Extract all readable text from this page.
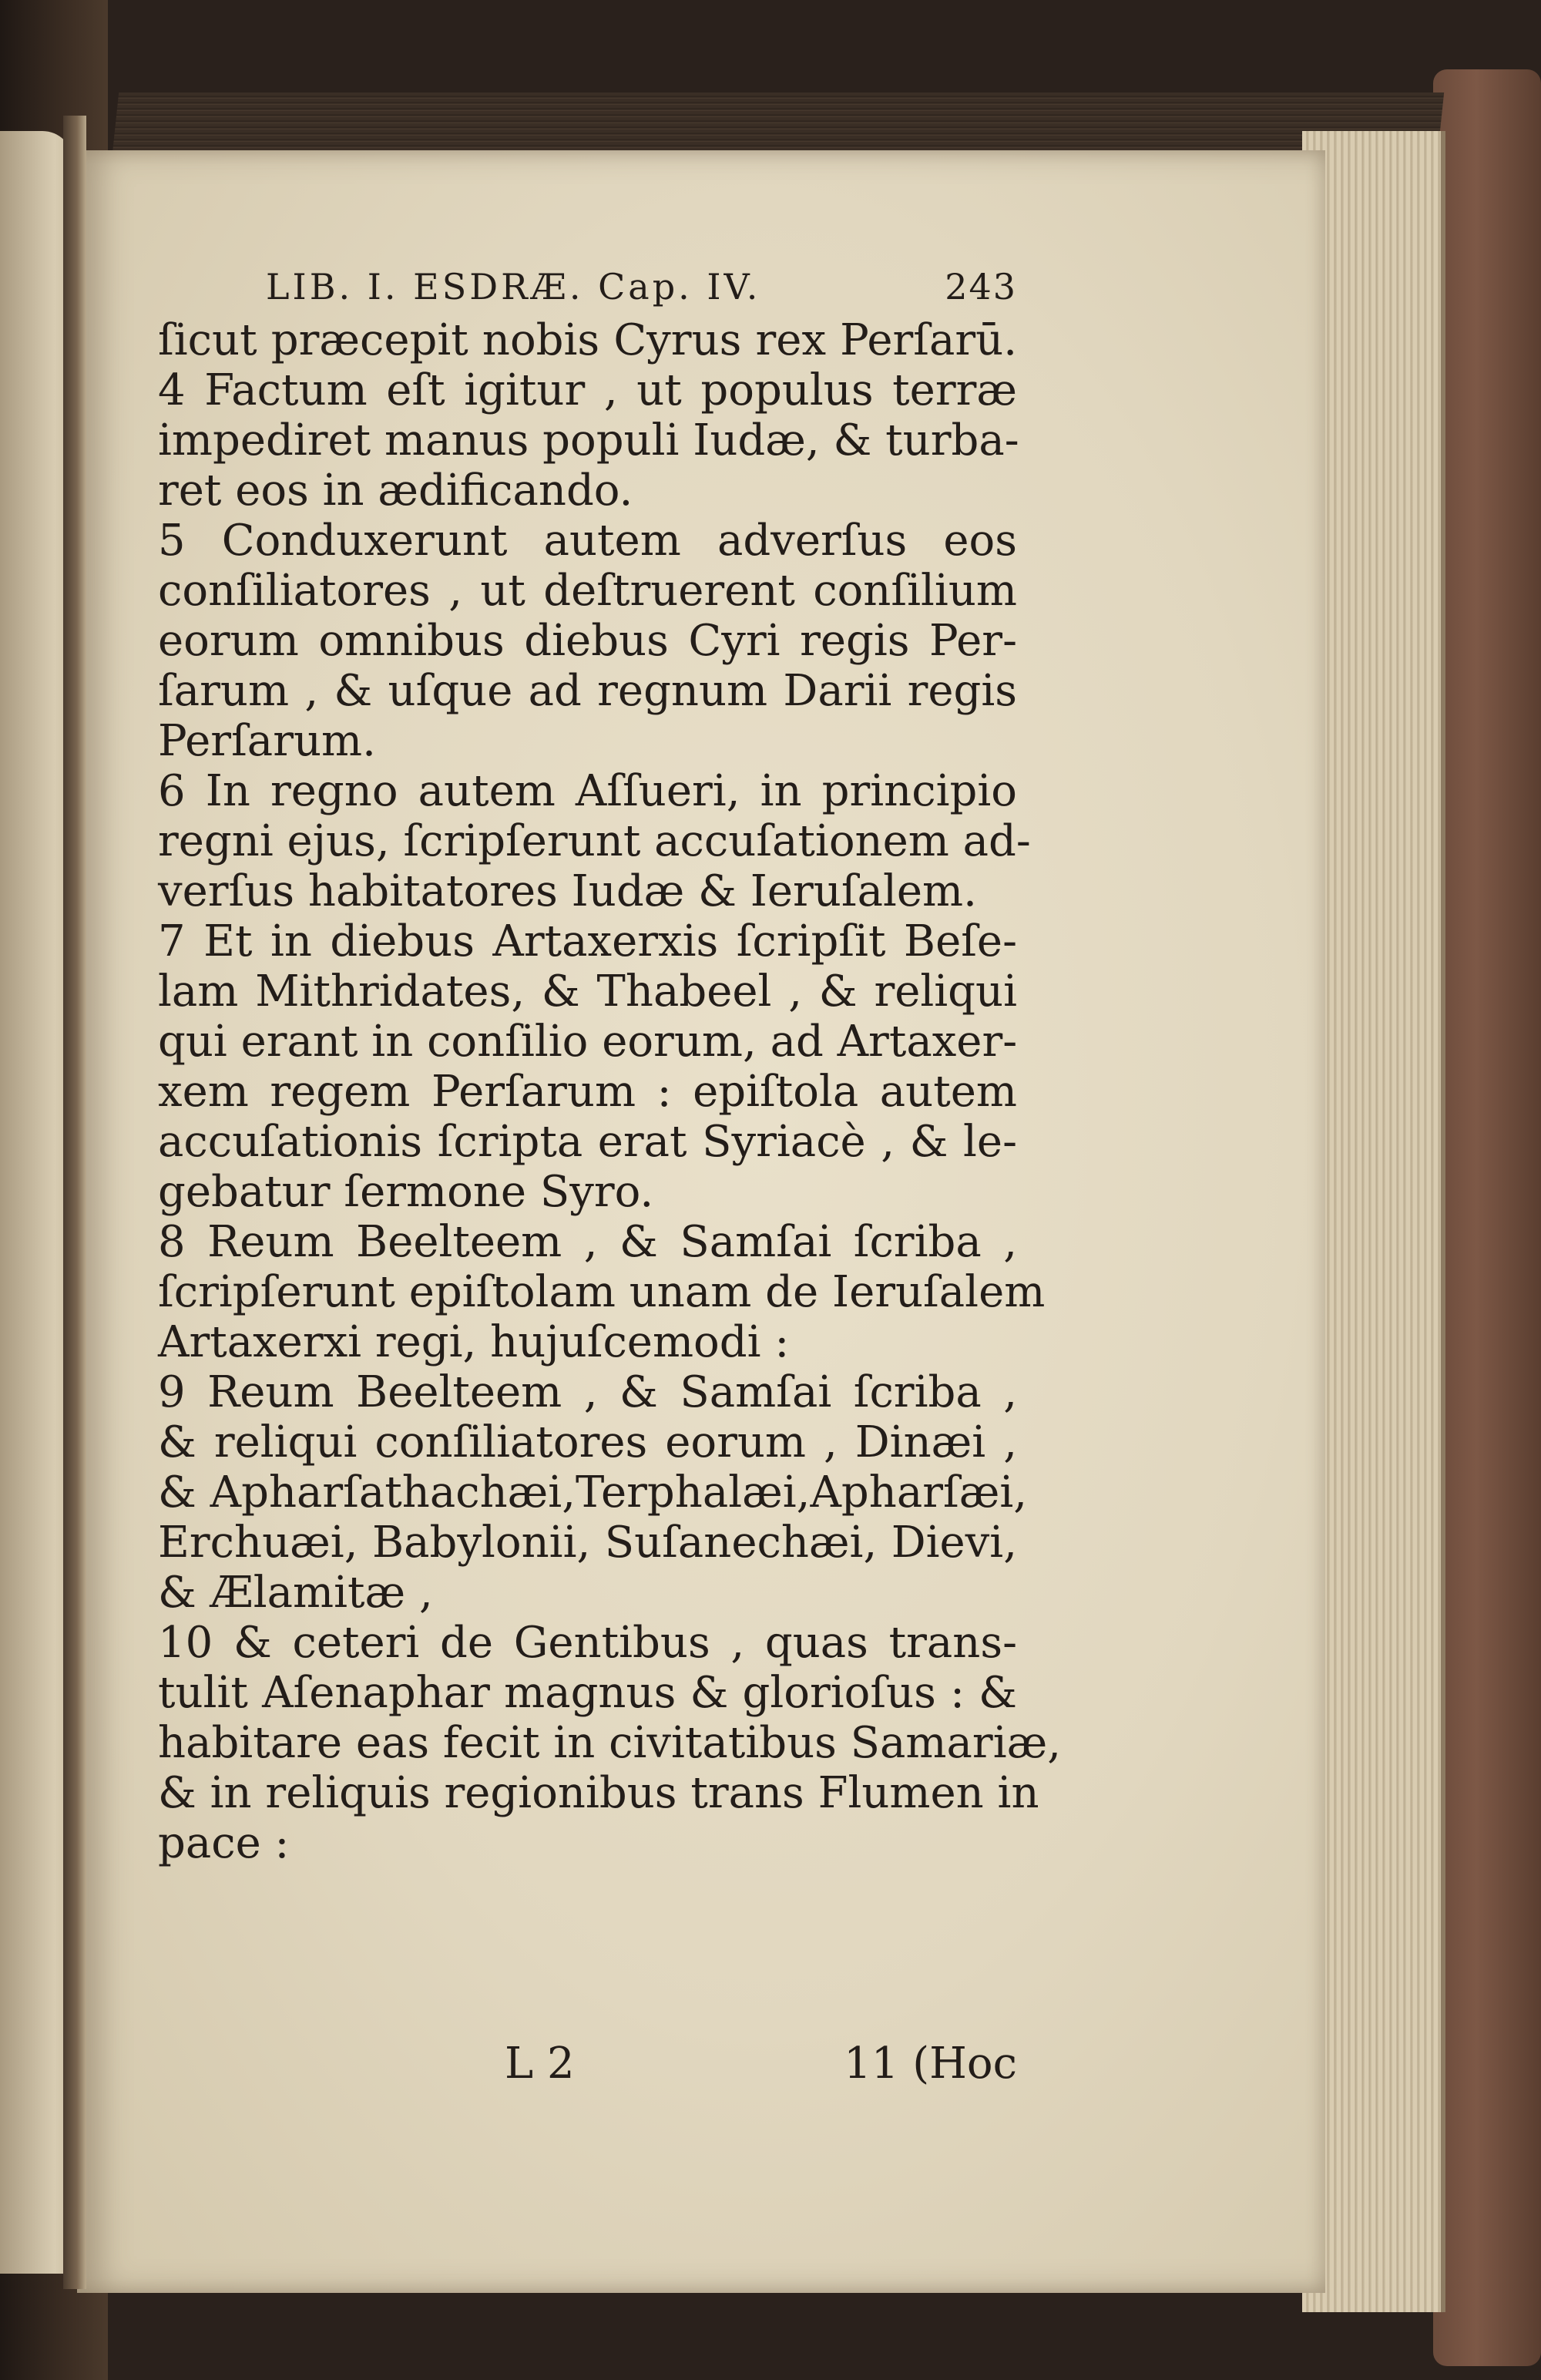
LIB. I. ESDRÆ. Cap. IV.	243
ſicut præcepit nobis Cyrus rex Perſarū.
4 Factum eſt igitur , ut populus terræ
impediret manus populi Iudæ, & turba-
ret eos in ædificando.
5 Conduxerunt autem adverſus eos
conſiliatores , ut deſtruerent conſilium
eorum omnibus diebus Cyri regis Per-
ſarum , & uſque ad regnum Darii regis
Perſarum.
6 In regno autem Aſſueri, in principio
regni ejus, ſcripſerunt accuſationem ad-
verſus habitatores Iudæ & Ieruſalem.
7 Et in diebus Artaxerxis ſcripſit Beſe-
lam Mithridates, & Thabeel , & reliqui
qui erant in conſilio eorum, ad Artaxer-
xem regem Perſarum : epiſtola autem
accuſationis ſcripta erat Syriacè , & le-
gebatur ſermone Syro.
8 Reum Beelteem , & Samſai ſcriba ,
ſcripſerunt epiſtolam unam de Ieruſalem
Artaxerxi regi, hujuſcemodi :
9 Reum Beelteem , & Samſai ſcriba ,
& reliqui conſiliatores eorum , Dinæi ,
& Apharſathachæi,Terphalæi,Apharſæi,
Erchuæi, Babylonii, Suſanechæi, Dievi,
& Ælamitæ ,
10 & ceteri de Gentibus , quas trans-
tulit Aſenaphar magnus & glorioſus : &
habitare eas fecit in civitatibus Samariæ,
& in reliquis regionibus trans Flumen in
pace :
L 2	11 (Hoc
